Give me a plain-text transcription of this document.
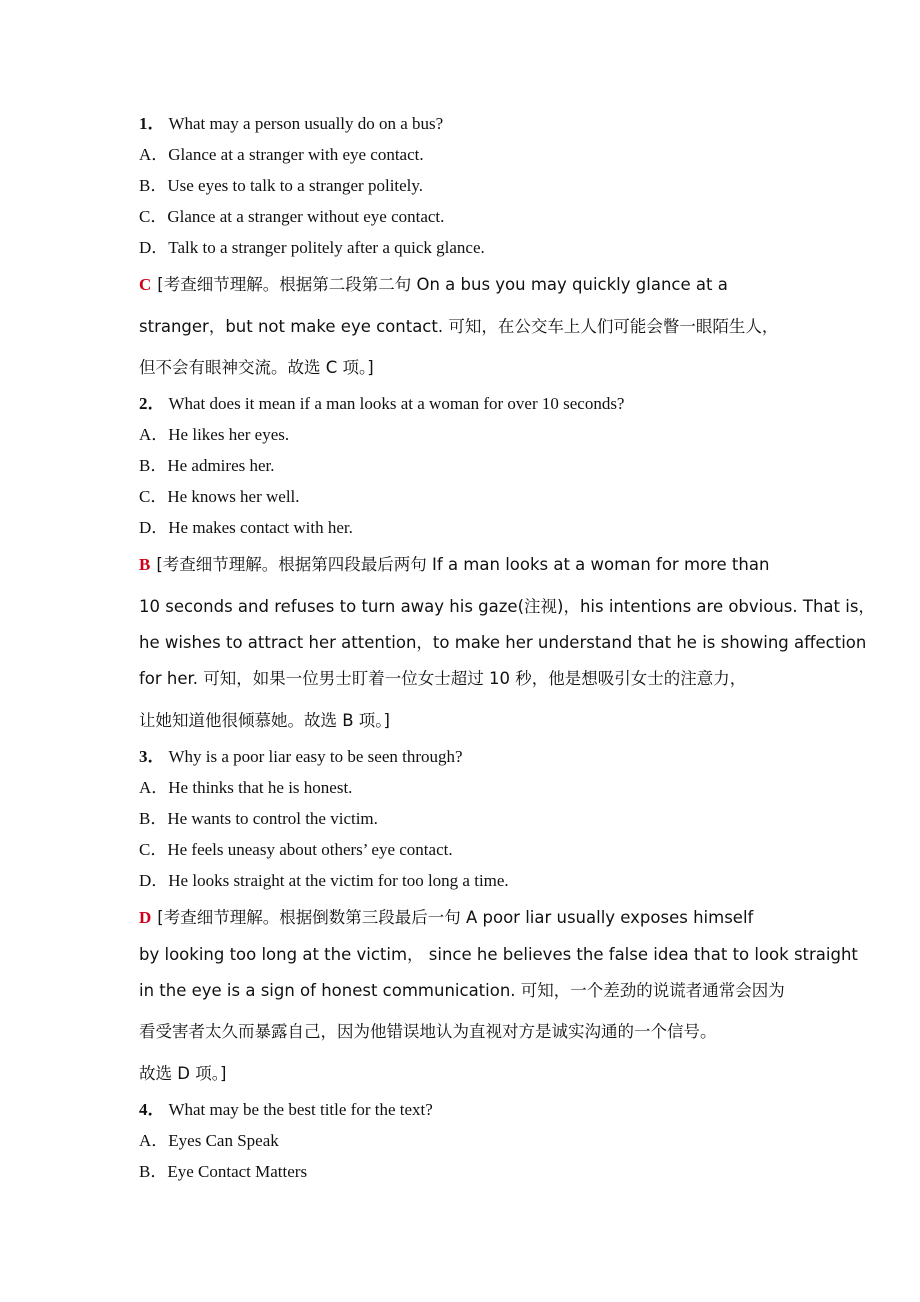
1． What may a person usually do on a bus?
A．Glance at a stranger with eye contact.
B．Use eyes to talk to a stranger politely.
C．Glance at a stranger without eye contact.
D．Talk to a stranger politely after a quick glance.
C [考查细节理解。根据第二段第二句 On a bus you may quickly glance at a
stranger，but not make eye contact. 可知，在公交车上人们可能会瞥一眼陌生人，
但不会有眼神交流。故选 C 项。]
2． What does it mean if a man looks at a woman for over 10 seconds?
A．He likes her eyes.
B．He admires her.
C．He knows her well.
D．He makes contact with her.
B [考查细节理解。根据第四段最后两句 If a man looks at a woman for more than
10 seconds and refuses to turn away his gaze(注视)，his intentions are obvious. That is，
he wishes to attract her attention，to make her understand that he is showing affection
for her. 可知，如果一位男士盯着一位女士超过 10 秒，他是想吸引女士的注意力，
让她知道他很倾慕她。故选 B 项。]
3． Why is a poor liar easy to be seen through?
A．He thinks that he is honest.
B．He wants to control the victim.
C．He feels uneasy about others’ eye contact.
D．He looks straight at the victim for too long a time.
D [考查细节理解。根据倒数第三段最后一句 A poor liar usually exposes himself
by looking too long at the victim， since he believes the false idea that to look straight
in the eye is a sign of honest communication. 可知，一个差劲的说谎者通常会因为
看受害者太久而暴露自己，因为他错误地认为直视对方是诚实沟通的一个信号。
故选 D 项。]
4． What may be the best title for the text?
A．Eyes Can Speak
B．Eye Contact Matters
